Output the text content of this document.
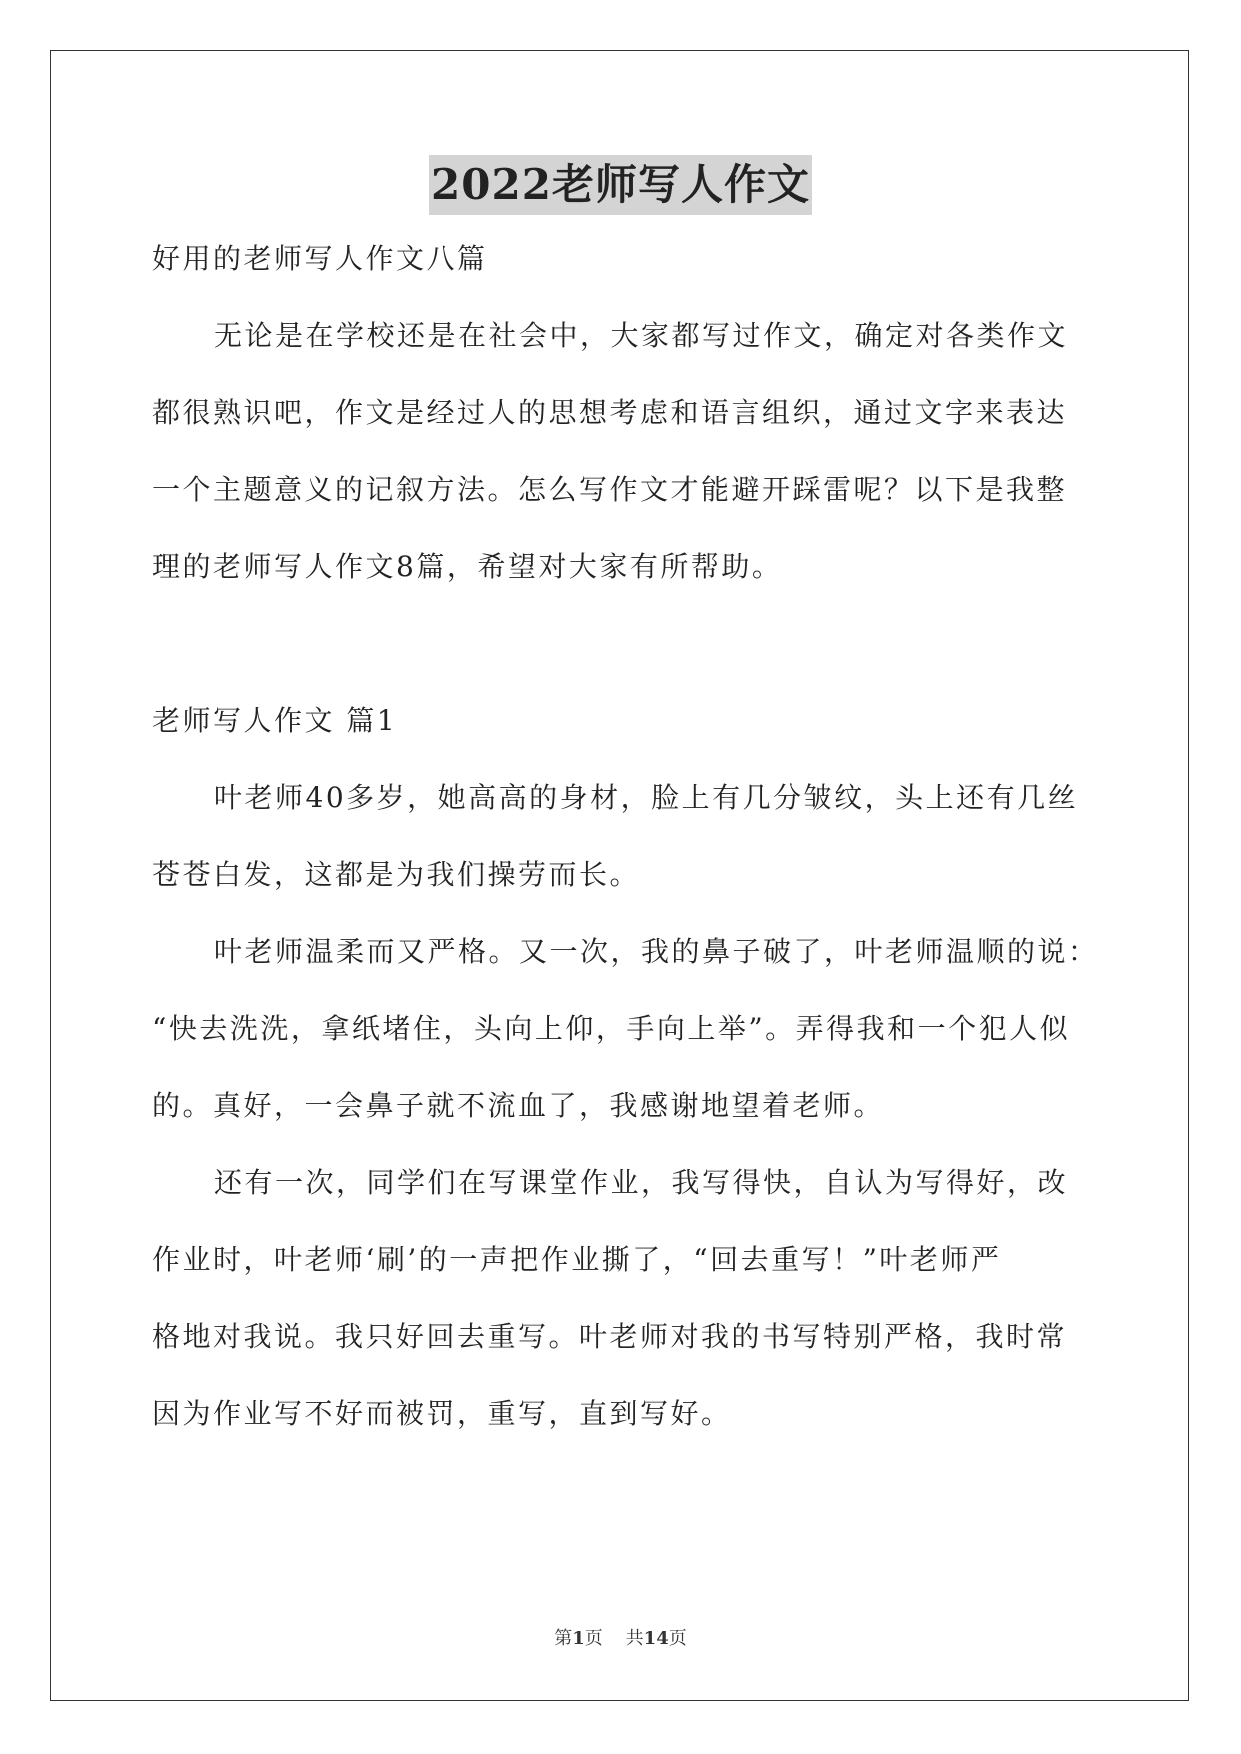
2022老师写人作文
好用的老师写人作文八篇
无论是在学校还是在社会中，大家都写过作文，确定对各类作文
都很熟识吧，作文是经过人的思想考虑和语言组织，通过文字来表达
一个主题意义的记叙方法。怎么写作文才能避开踩雷呢？以下是我整
理的老师写人作文8篇，希望对大家有所帮助。
老师写人作文 篇1
叶老师40多岁，她高高的身材，脸上有几分皱纹，头上还有几丝
苍苍白发，这都是为我们操劳而长。
叶老师温柔而又严格。又一次，我的鼻子破了，叶老师温顺的说：
“快去洗洗，拿纸堵住，头向上仰，手向上举”。弄得我和一个犯人似
的。真好，一会鼻子就不流血了，我感谢地望着老师。
还有一次，同学们在写课堂作业，我写得快，自认为写得好，改
作业时，叶老师‘刷’的一声把作业撕了，“回去重写！”叶老师严
格地对我说。我只好回去重写。叶老师对我的书写特别严格，我时常
因为作业写不好而被罚，重写，直到写好。
第1页 共14页
